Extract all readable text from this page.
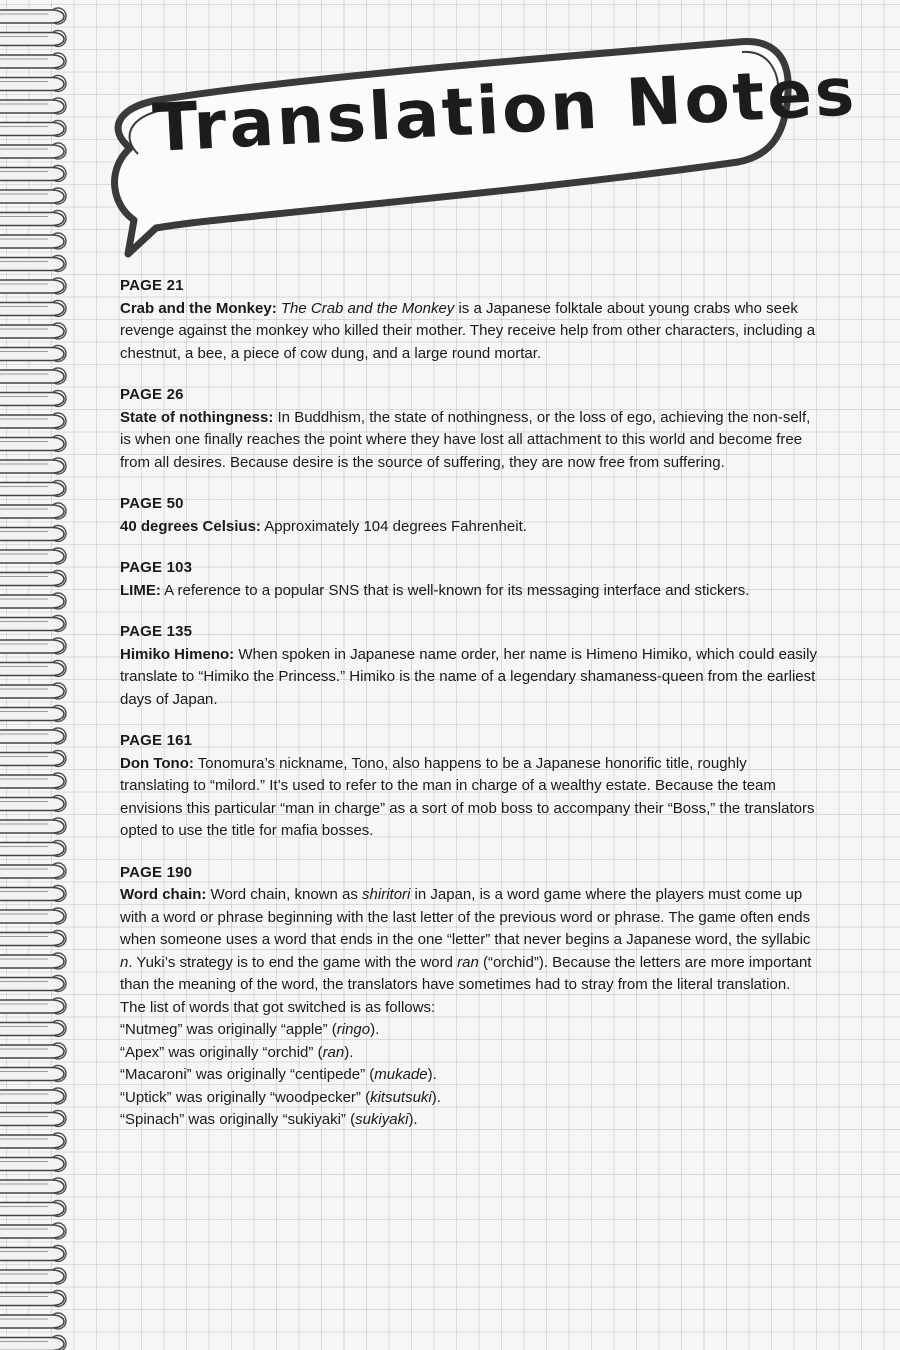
Translation Notes
PAGE 21

Crab and the Monkey: The Crab and the Monkey is a Japanese folktale about young crabs who seek revenge against the monkey who killed their mother. They receive help from other characters, including a chestnut, a bee, a piece of cow dung, and a large round mortar.

PAGE 26

State of nothingness: In Buddhism, the state of nothingness, or the loss of ego, achieving the non-self, is when one finally reaches the point where they have lost all attachment to this world and become free from all desires. Because desire is the source of suffering, they are now free from suffering.

PAGE 50

40 degrees Celsius: Approximately 104 degrees Fahrenheit.

PAGE 103

LIME: A reference to a popular SNS that is well-known for its messaging interface and stickers.

PAGE 135

Himiko Himeno: When spoken in Japanese name order, her name is Himeno Himiko, which could easily translate to “Himiko the Princess.” Himiko is the name of a legendary shamaness-queen from the earliest days of Japan.

PAGE 161

Don Tono: Tonomura’s nickname, Tono, also happens to be a Japanese honorific title, roughly translating to “milord.” It’s used to refer to the man in charge of a wealthy estate. Because the team envisions this particular “man in charge” as a sort of mob boss to accompany their “Boss,” the translators opted to use the title for mafia bosses.

PAGE 190

Word chain: Word chain, known as shiritori in Japan, is a word game where the players must come up with a word or phrase beginning with the last letter of the previous word or phrase. The game often ends when someone uses a word that ends in the one “letter” that never begins a Japanese word, the syllabic n. Yuki’s strategy is to end the game with the word ran (“orchid”). Because the letters are more important than the meaning of the word, the translators have sometimes had to stray from the literal translation. The list of words that got switched is as follows:
“Nutmeg” was originally “apple” (ringo).
“Apex” was originally “orchid” (ran).
“Macaroni” was originally “centipede” (mukade).
“Uptick” was originally “woodpecker” (kitsutsuki).
“Spinach” was originally “sukiyaki” (sukiyaki).
